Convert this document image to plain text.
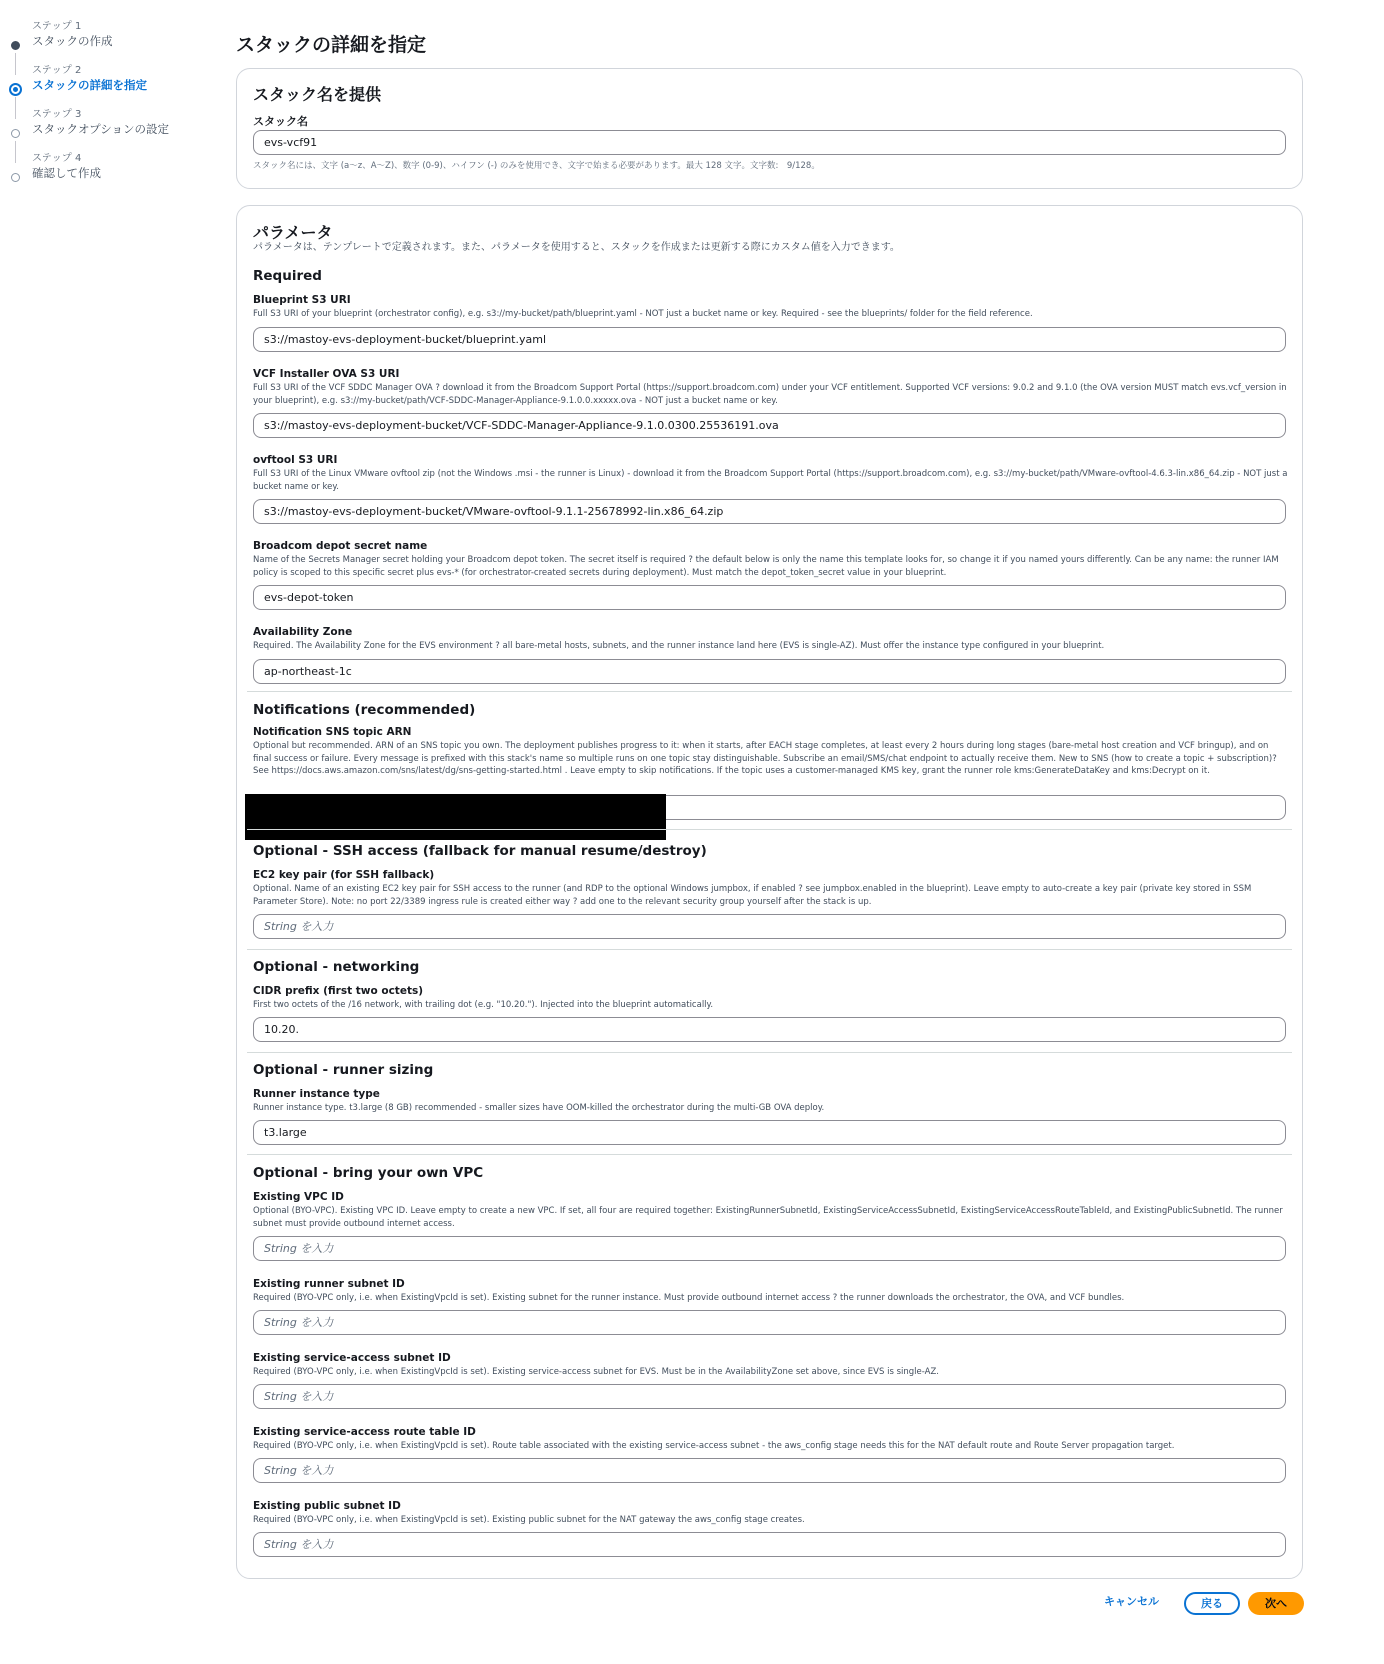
ステップ 1
スタックの作成
ステップ 2
スタックの詳細を指定
ステップ 3
スタックオプションの設定
ステップ 4
確認して作成
スタックの詳細を指定
スタック名を提供
スタック名
evs-vcf91
スタック名には、文字 (a～z、A～Z)、数字 (0-9)、ハイフン (-) のみを使用でき、文字で始まる必要があります。最大 128 文字。文字数:　9/128。
パラメータ
パラメータは、テンプレートで定義されます。また、パラメータを使用すると、スタックを作成または更新する際にカスタム値を入力できます。
Required
Blueprint S3 URI
Full S3 URI of your blueprint (orchestrator config), e.g. s3://my-bucket/path/blueprint.yaml - NOT just a bucket name or key. Required - see the blueprints/ folder for the field reference.
s3://mastoy-evs-deployment-bucket/blueprint.yaml
VCF Installer OVA S3 URI
Full S3 URI of the VCF SDDC Manager OVA ? download it from the Broadcom Support Portal (https://support.broadcom.com) under your VCF entitlement. Supported VCF versions: 9.0.2 and 9.1.0 (the OVA version MUST match evs.vcf_version in your blueprint), e.g. s3://my-bucket/path/VCF-SDDC-Manager-Appliance-9.1.0.0.xxxxx.ova - NOT just a bucket name or key.
s3://mastoy-evs-deployment-bucket/VCF-SDDC-Manager-Appliance-9.1.0.0300.25536191.ova
ovftool S3 URI
Full S3 URI of the Linux VMware ovftool zip (not the Windows .msi - the runner is Linux) - download it from the Broadcom Support Portal (https://support.broadcom.com), e.g. s3://my-bucket/path/VMware-ovftool-4.6.3-lin.x86_64.zip - NOT just a bucket name or key.
s3://mastoy-evs-deployment-bucket/VMware-ovftool-9.1.1-25678992-lin.x86_64.zip
Broadcom depot secret name
Name of the Secrets Manager secret holding your Broadcom depot token. The secret itself is required ? the default below is only the name this template looks for, so change it if you named yours differently. Can be any name: the runner IAM policy is scoped to this specific secret plus evs-* (for orchestrator-created secrets during deployment). Must match the depot_token_secret value in your blueprint.
evs-depot-token
Availability Zone
Required. The Availability Zone for the EVS environment ? all bare-metal hosts, subnets, and the runner instance land here (EVS is single-AZ). Must offer the instance type configured in your blueprint.
ap-northeast-1c
Notifications (recommended)
Notification SNS topic ARN
Optional but recommended. ARN of an SNS topic you own. The deployment publishes progress to it: when it starts, after EACH stage completes, at least every 2 hours during long stages (bare-metal host creation and VCF bringup), and on final success or failure. Every message is prefixed with this stack's name so multiple runs on one topic stay distinguishable. Subscribe an email/SMS/chat endpoint to actually receive them. New to SNS (how to create a topic + subscription)? See https://docs.aws.amazon.com/sns/latest/dg/sns-getting-started.html . Leave empty to skip notifications. If the topic uses a customer-managed KMS key, grant the runner role kms:GenerateDataKey and kms:Decrypt on it.
Optional - SSH access (fallback for manual resume/destroy)
EC2 key pair (for SSH fallback)
Optional. Name of an existing EC2 key pair for SSH access to the runner (and RDP to the optional Windows jumpbox, if enabled ? see jumpbox.enabled in the blueprint). Leave empty to auto-create a key pair (private key stored in SSM Parameter Store). Note: no port 22/3389 ingress rule is created either way ? add one to the relevant security group yourself after the stack is up.
String を入力
Optional - networking
CIDR prefix (first two octets)
First two octets of the /16 network, with trailing dot (e.g. "10.20."). Injected into the blueprint automatically.
10.20.
Optional - runner sizing
Runner instance type
Runner instance type. t3.large (8 GB) recommended - smaller sizes have OOM-killed the orchestrator during the multi-GB OVA deploy.
t3.large
Optional - bring your own VPC
Existing VPC ID
Optional (BYO-VPC). Existing VPC ID. Leave empty to create a new VPC. If set, all four are required together: ExistingRunnerSubnetId, ExistingServiceAccessSubnetId, ExistingServiceAccessRouteTableId, and ExistingPublicSubnetId. The runner subnet must provide outbound internet access.
String を入力
Existing runner subnet ID
Required (BYO-VPC only, i.e. when ExistingVpcId is set). Existing subnet for the runner instance. Must provide outbound internet access ? the runner downloads the orchestrator, the OVA, and VCF bundles.
String を入力
Existing service-access subnet ID
Required (BYO-VPC only, i.e. when ExistingVpcId is set). Existing service-access subnet for EVS. Must be in the AvailabilityZone set above, since EVS is single-AZ.
String を入力
Existing service-access route table ID
Required (BYO-VPC only, i.e. when ExistingVpcId is set). Route table associated with the existing service-access subnet - the aws_config stage needs this for the NAT default route and Route Server propagation target.
String を入力
Existing public subnet ID
Required (BYO-VPC only, i.e. when ExistingVpcId is set). Existing public subnet for the NAT gateway the aws_config stage creates.
String を入力
キャンセル	戻る	次へ
